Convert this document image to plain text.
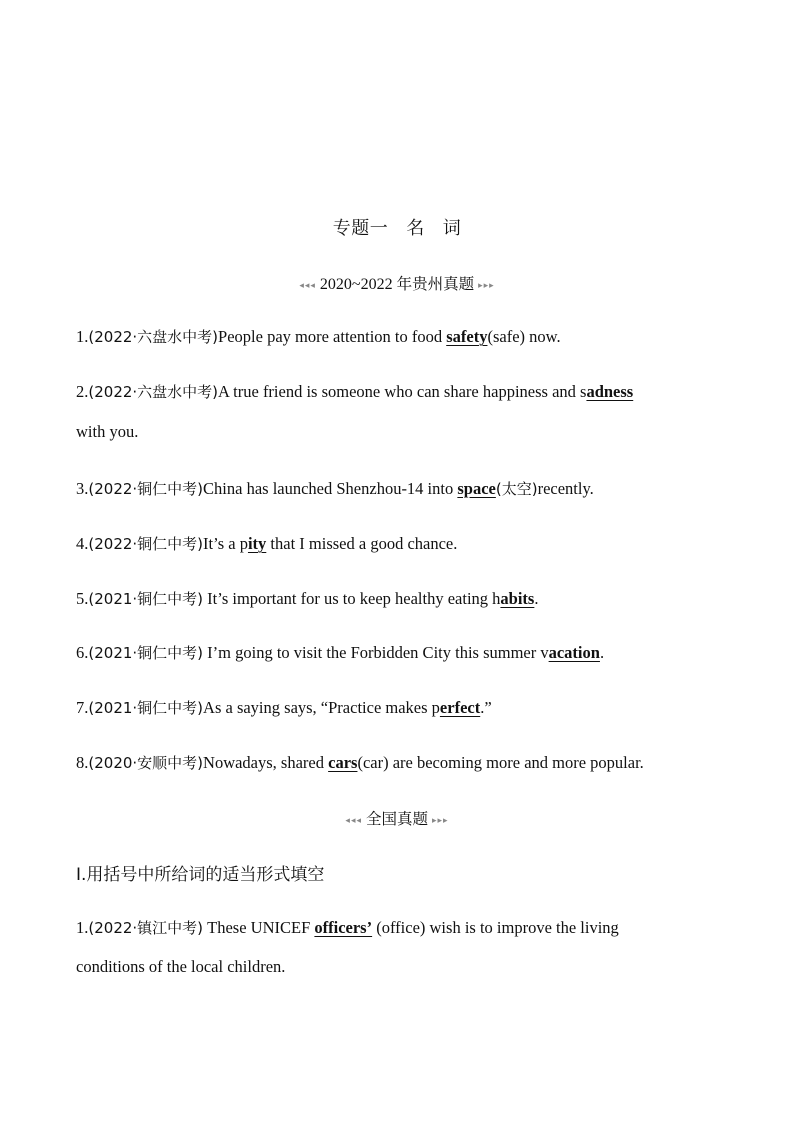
专题一 名 词
◂◂◂ 2020~2022 年贵州真题 ▸▸▸
1.(2022·六盘水中考)People pay more attention to food safety(safe) now.
2.(2022·六盘水中考)A true friend is someone who can share happiness and sadness
with you.
3.(2022·铜仁中考)China has launched Shenzhou-14 into space(太空)recently.
4.(2022·铜仁中考)It’s a pity that I missed a good chance.
5.(2021·铜仁中考) It’s important for us to keep healthy eating habits.
6.(2021·铜仁中考) I’m going to visit the Forbidden City this summer vacation.
7.(2021·铜仁中考)As a saying says, “Practice makes perfect.”
8.(2020·安顺中考)Nowadays, shared cars(car) are becoming more and more popular.
◂◂◂ 全国真题 ▸▸▸
Ⅰ.用括号中所给词的适当形式填空
1.(2022·镇江中考) These UNICEF officers’ (office) wish is to improve the living
conditions of the local children.
